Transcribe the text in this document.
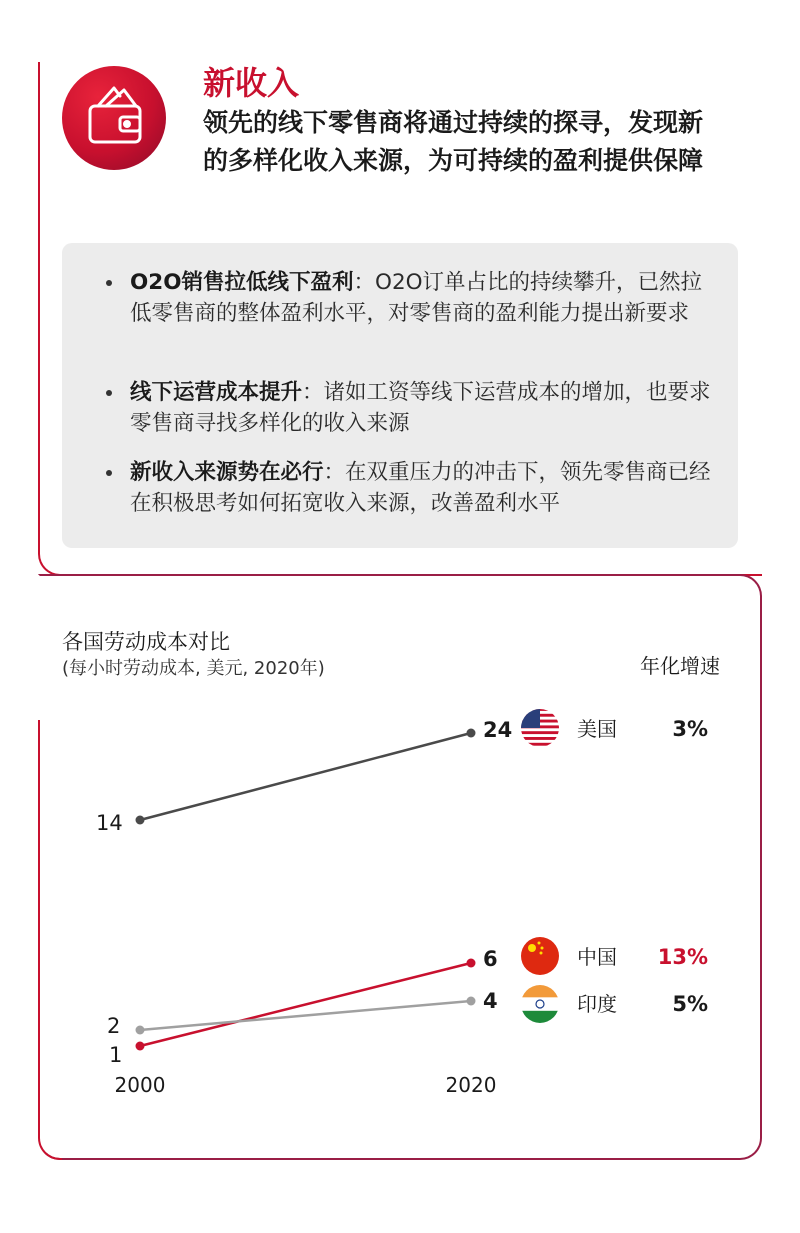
新收入
领先的线下零售商将通过持续的探寻，发现新的多样化收入来源，为可持续的盈利提供保障
O2O销售拉低线下盈利：O2O订单占比的持续攀升，已然拉低零售商的整体盈利水平，对零售商的盈利能力提出新要求
线下运营成本提升：诸如工资等线下运营成本的增加，也要求零售商寻找多样化的收入来源
新收入来源势在必行：在双重压力的冲击下，领先零售商已经在积极思考如何拓宽收入来源，改善盈利水平
各国劳动成本对比
(每小时劳动成本, 美元, 2020年)	年化增速
14
24	美国	3%
1
6	中国 13%
2
4	印度	5%
2000	2020
